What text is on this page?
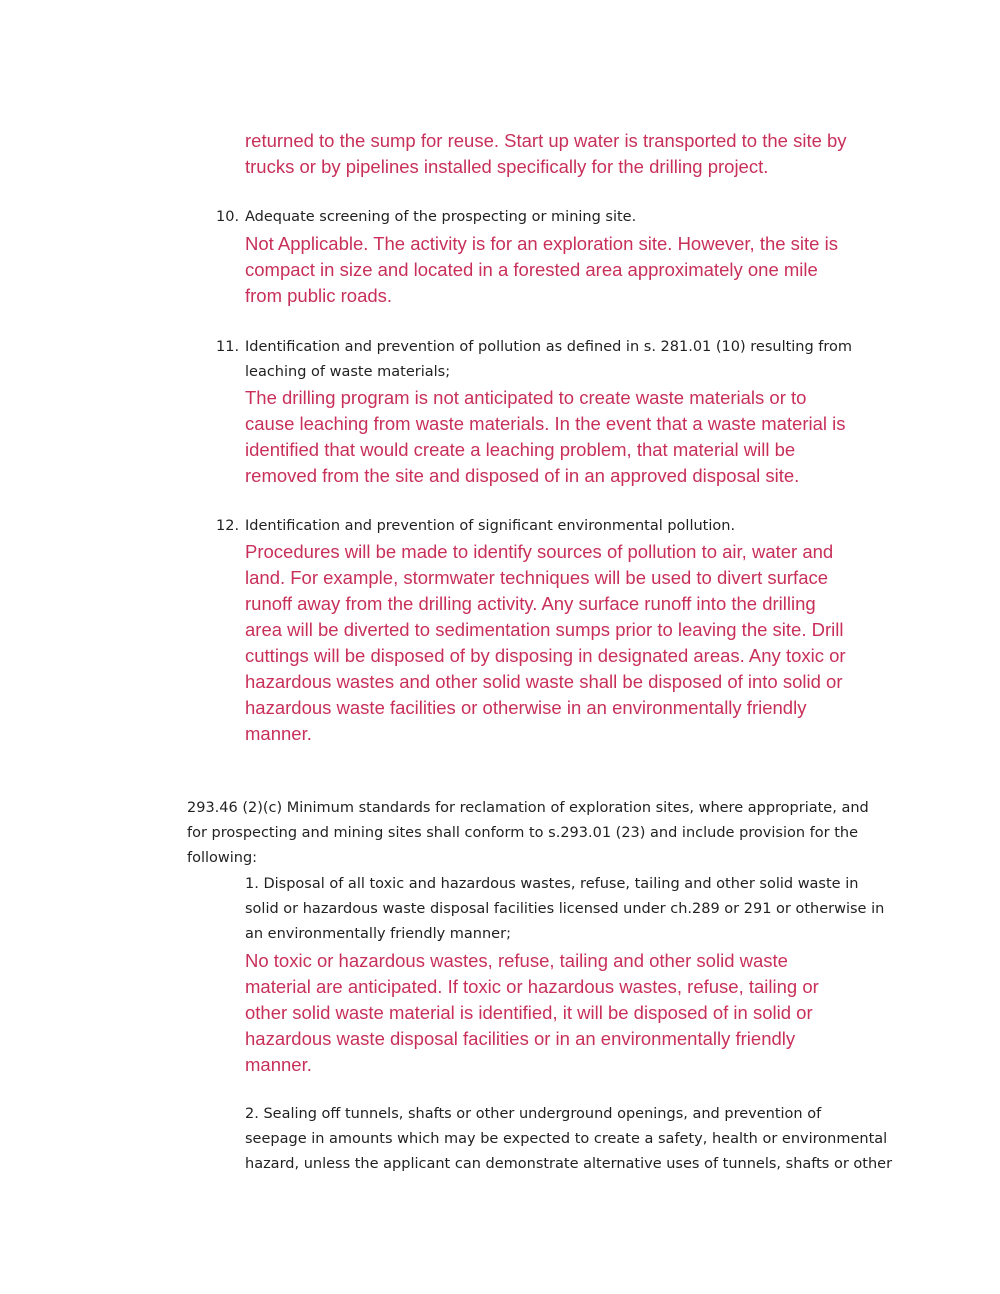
returned to the sump for reuse. Start up water is transported to the site by
trucks or by pipelines installed specifically for the drilling project.
10. Adequate screening of the prospecting or mining site.
Not Applicable. The activity is for an exploration site. However, the site is
compact in size and located in a forested area approximately one mile
from public roads.
11. Identification and prevention of pollution as defined in s. 281.01 (10) resulting from
leaching of waste materials;
The drilling program is not anticipated to create waste materials or to
cause leaching from waste materials. In the event that a waste material is
identified that would create a leaching problem, that material will be
removed from the site and disposed of in an approved disposal site.
12. Identification and prevention of significant environmental pollution.
Procedures will be made to identify sources of pollution to air, water and
land. For example, stormwater techniques will be used to divert surface
runoff away from the drilling activity. Any surface runoff into the drilling
area will be diverted to sedimentation sumps prior to leaving the site. Drill
cuttings will be disposed of by disposing in designated areas. Any toxic or
hazardous wastes and other solid waste shall be disposed of into solid or
hazardous waste facilities or otherwise in an environmentally friendly
manner.
293.46 (2)(c) Minimum standards for reclamation of exploration sites, where appropriate, and
for prospecting and mining sites shall conform to s.293.01 (23) and include provision for the
following:
1. Disposal of all toxic and hazardous wastes, refuse, tailing and other solid waste in
solid or hazardous waste disposal facilities licensed under ch.289 or 291 or otherwise in
an environmentally friendly manner;
No toxic or hazardous wastes, refuse, tailing and other solid waste
material are anticipated. If toxic or hazardous wastes, refuse, tailing or
other solid waste material is identified, it will be disposed of in solid or
hazardous waste disposal facilities or in an environmentally friendly
manner.
2. Sealing off tunnels, shafts or other underground openings, and prevention of
seepage in amounts which may be expected to create a safety, health or environmental
hazard, unless the applicant can demonstrate alternative uses of tunnels, shafts or other
